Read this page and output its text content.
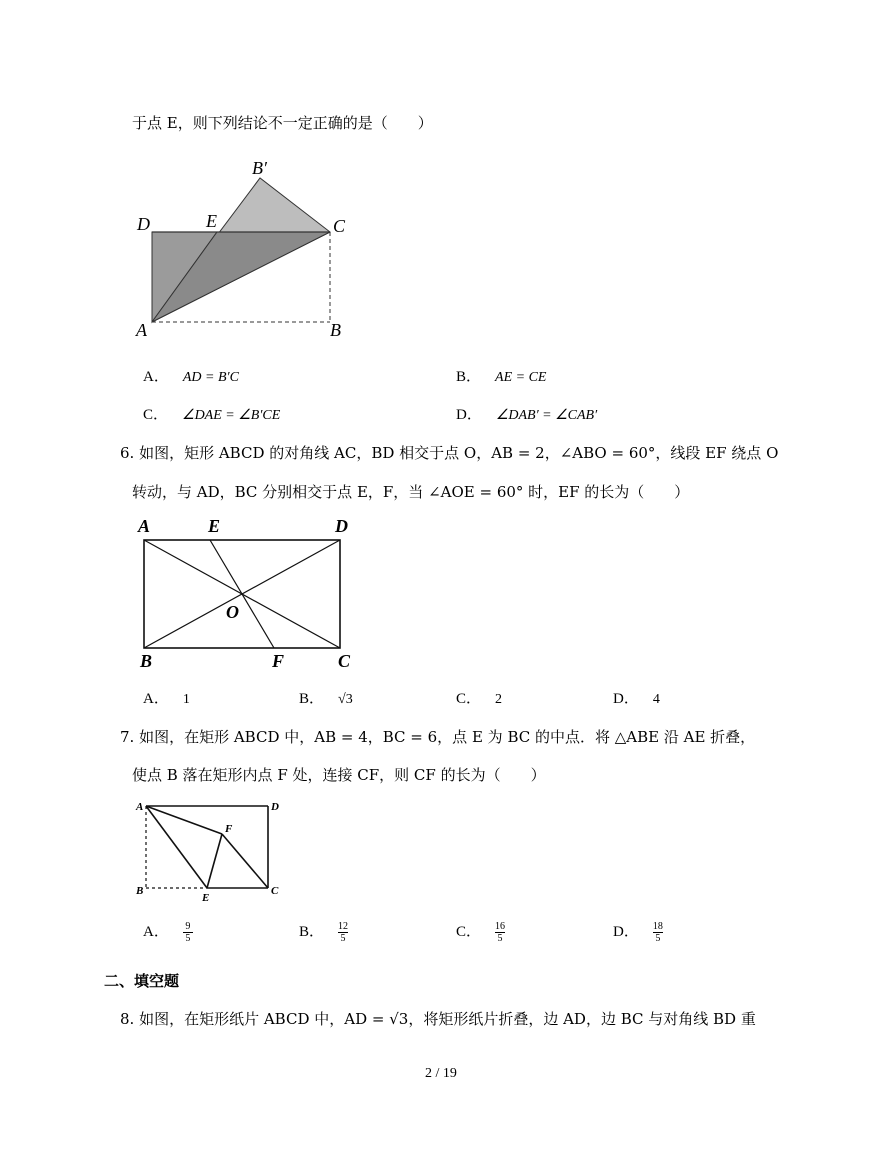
于点 E，则下列结论不一定正确的是（　　）
B′
D	E	C
A	B
A． AD = B′C	B． AE = CE
C． ∠DAE = ∠B′CE	D． ∠DAB′ = ∠CAB′
6. 如图，矩形 ABCD 的对角线 AC，BD 相交于点 O，AB = 2，∠ABO = 60°，线段 EF 绕点 O
转动，与 AD，BC 分别相交于点 E，F，当 ∠AOE = 60° 时，EF 的长为（　　）
A	E	D
O
B	F	C
A． 1	B． √3	C． 2	D． 4
7. 如图，在矩形 ABCD 中，AB = 4，BC = 6，点 E 为 BC 的中点．将 △ABE 沿 AE 折叠，
使点 B 落在矩形内点 F 处，连接 CF，则 CF 的长为（　　）
A	D
F
B
E
C
A． $\frac{9}{5}$	B． $\frac{12}{5}$	C． $\frac{16}{5}$	D． $\frac{18}{5}$
二、填空题
8. 如图，在矩形纸片 ABCD 中，AD = √3，将矩形纸片折叠，边 AD，边 BC 与对角线 BD 重
2 / 19
